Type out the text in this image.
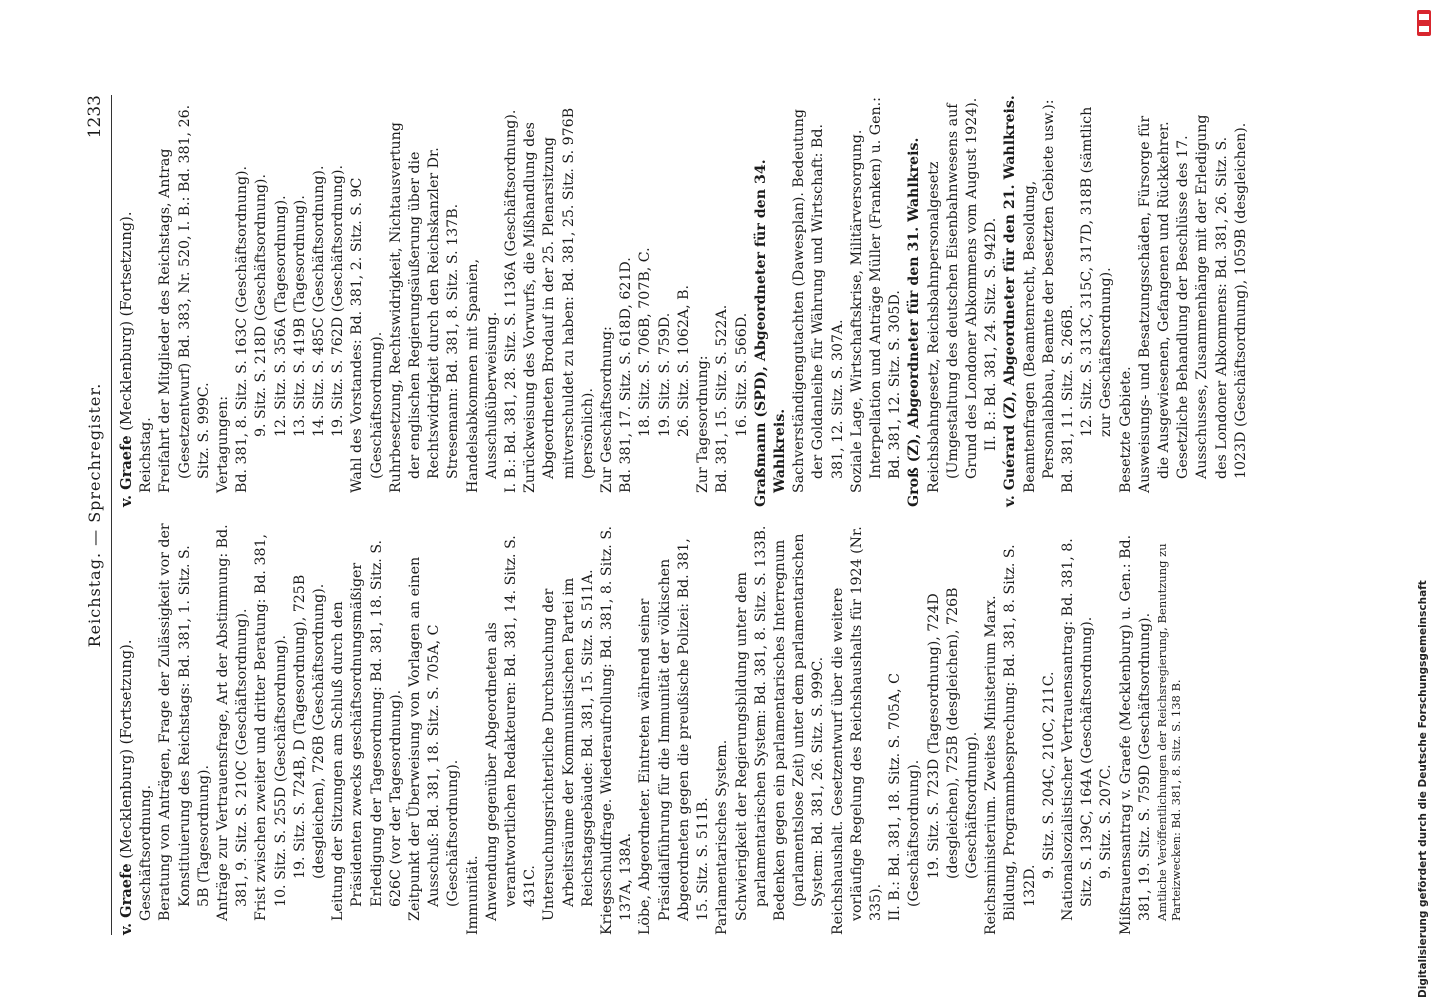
Reichstag. — Sprechregister.
1233
v. Graefe (Mecklenburg) (Fortsetzung). Geschäftsordnung. Beratung von Anträgen, Frage der Zulässigkeit vor der Konstituierung des Reichstags: Bd. 381, 1. Sitz. S. 5B (Tagesordnung). Anträge zur Vertrauensfrage, Art der Abstimmung: Bd. 381, 9. Sitz. S. 210C (Geschäftsordnung). Frist zwischen zweiter und dritter Beratung: Bd. 381, 10. Sitz. S. 255D (Geschäftsordnung). 19. Sitz. S. 724B, D (Tagesordnung), 725B (desgleichen), 726B (Geschäftsordnung). Leitung der Sitzungen am Schluß durch den Präsidenten zwecks geschäftsordnungsmäßiger Erledigung der Tagesordnung: Bd. 381, 18. Sitz. S. 626C (vor der Tagesordnung). Zeitpunkt der Überweisung von Vorlagen an einen Ausschuß: Bd. 381, 18. Sitz. S. 705A, C (Geschäftsordnung). Immunität. Anwendung gegenüber Abgeordneten als verantwortlichen Redakteuren: Bd. 381, 14. Sitz. S. 431C. Untersuchungsrichterliche Durchsuchung der Arbeitsräume der Kommunistischen Partei im Reichstagsgebäude: Bd. 381, 15. Sitz. S. 511A. Kriegsschuldfrage. Wiederaufrollung: Bd. 381, 8. Sitz. S. 137A, 138A. Löbe, Abgeordneter. Eintreten während seiner Präsidialführung für die Immunität der völkischen Abgeordneten gegen die preußische Polizei: Bd. 381, 15. Sitz. S. 511B. Parlamentarisches System. Schwierigkeit der Regierungsbildung unter dem parlamentarischen System: Bd. 381, 8. Sitz. S. 133B. Bedenken gegen ein parlamentarisches Interregnum (parlamentslose Zeit) unter dem parlamentarischen System: Bd. 381, 26. Sitz. S. 999C. Reichshaushalt. Gesetzentwurf über die weitere vorläufige Regelung des Reichshaushalts für 1924 (Nr. 335). II. B.: Bd. 381, 18. Sitz. S. 705A, C (Geschäftsordnung). 19. Sitz. S. 723D (Tagesordnung), 724D (desgleichen), 725B (desgleichen), 726B (Geschäftsordnung). Reichsministerium. Zweites Ministerium Marx. Bildung, Programmbesprechung: Bd. 381, 8. Sitz. S. 132D.
9. Sitz. S. 204C, 210C, 211C. Nationalsozialistischer Vertrauensantrag: Bd. 381, 8. Sitz. S. 139C, 164A (Geschäftsordnung). 9. Sitz. S. 207C. Mißtrauensantrag v. Graefe (Mecklenburg) u. Gen.: Bd. 381, 19. Sitz. S. 759D (Geschäftsordnung). Amtliche Veröffentlichungen der Reichsregierung, Benutzung zu Parteizwecken: Bd. 381, 8. Sitz. S. 138 B.
v. Graefe (Mecklenburg) (Fortsetzung).
Reichstag. Freifahrt der Mitglieder des Reichstags, Antrag (Gesetzentwurf) Bd. 383, Nr. 520, I. B.: Bd. 381, 26. Sitz. S. 999C. Vertagungen: Bd. 381, 8. Sitz. S. 163C (Geschäftsordnung). 9. Sitz. S. 218D (Geschäftsordnung). 12. Sitz. S. 356A (Tagesordnung). 13. Sitz. S. 419B (Tagesordnung). 14. Sitz. S. 485C (Geschäftsordnung). 19. Sitz. S. 762D (Geschäftsordnung). Wahl des Vorstandes: Bd. 381, 2. Sitz. S. 9C (Geschäftsordnung). Ruhrbesetzung, Rechtswidrigkeit, Nichtausvertung der englischen Regierungsäußerung über die Rechtswidrigkeit durch den Reichskanzler Dr. Stresemann: Bd. 381, 8. Sitz. S. 137B. Handelsabkommen mit Spanien, Ausschußüberweisung. I. B.: Bd. 381, 28. Sitz. S. 1136A (Geschäftsordnung). Zurückweisung des Vorwurfs, die Mißhandlung des Abgeordneten Brodauf in der 25. Plenarsitzung mitverschuldet zu haben: Bd. 381, 25. Sitz. S. 976B (persönlich). Zur Geschäftsordnung: Bd. 381, 17. Sitz. S. 618D, 621D. 18. Sitz. S. 706B, 707B, C. 19. Sitz. S. 759D. 26. Sitz. S. 1062A, B. Zur Tagesordnung: Bd. 381, 15. Sitz. S. 522A. 16. Sitz. S. 566D. Graßmann (SPD), Abgeordneter für den 34. Wahlkreis. Sachverständigengutachten (Dawesplan). Bedeutung der Goldanleihe für Währung und Wirtschaft: Bd. 381, 12. Sitz. S. 307A. Soziale Lage, Wirtschaftskrise, Militärversorgung. Interpellation und Anträge Müller (Franken) u. Gen.: Bd. 381, 12. Sitz. S. 305D. Groß (Z), Abgeordneter für den 31. Wahlkreis. Reichsbahngesetz, Reichsbahnpersonalgesetz (Umgestaltung des deutschen Eisenbahnwesens auf Grund des Londoner Abkommens vom August 1924). II. B.: Bd. 381, 24. Sitz. S. 942D. v. Guérard (Z), Abgeordneter für den 21. Wahlkreis. Beamtenfragen (Beamtenrecht, Besoldung, Personalabbau, Beamte der besetzten Gebiete usw.): Bd. 381, 11. Sitz. S. 266B. 12. Sitz. S. 313C, 315C, 317D, 318B (sämtlich zur Geschäftsordnung). Besetzte Gebiete. Ausweisungs- und Besatzungsschäden, Fürsorge für die Ausgewiesenen, Gefangenen und Rückkehrer. Gesetzliche Behandlung der Beschlüsse des 17. Ausschusses, Zusammenhänge mit der Erledigung des Londoner Abkommens: Bd. 381, 26. Sitz. S. 1023D (Geschäftsordnung), 1059B (desgleichen).
Digitalisierung gefördert durch die Deutsche Forschungsgemeinschaft
